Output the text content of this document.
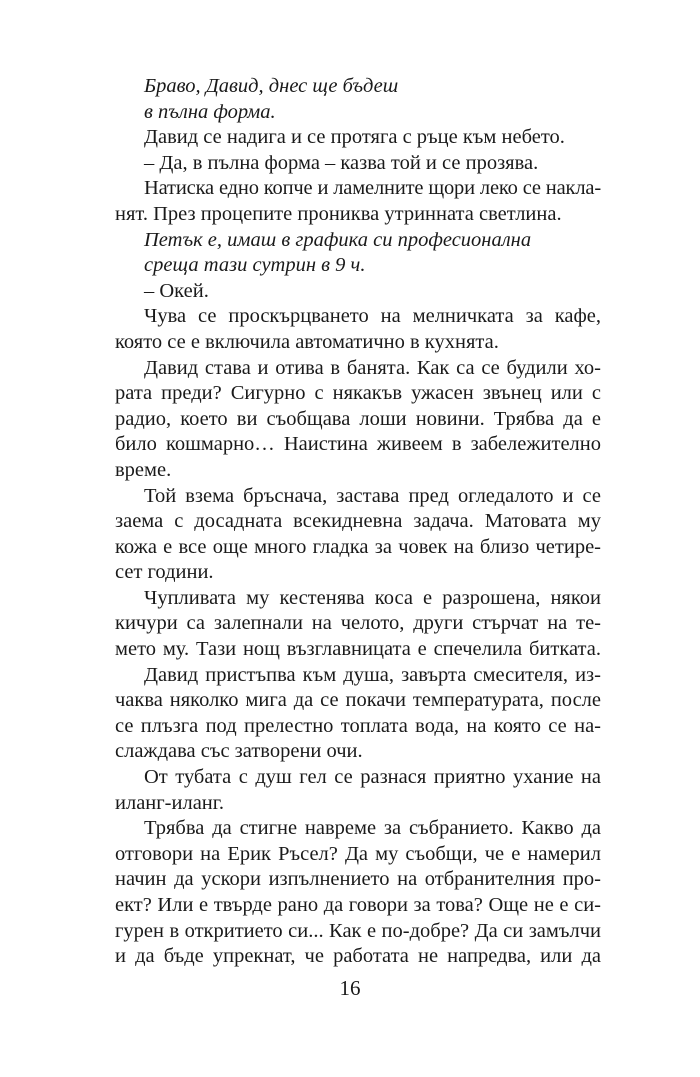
Браво, Давид, днес ще бъдеш
в пълна форма.
Давид се надига и се протяга с ръце към небето.
– Да, в пълна форма – казва той и се прозява.
Натиска едно копче и ламелните щори леко се накла-
нят. През процепите прониква утринната светлина.
Петък е, имаш в графика си професионална
среща тази сутрин в 9 ч.
– Окей.
Чува се проскърцването на мелничката за кафе,
която се е включила автоматично в кухнята.
Давид става и отива в банята. Как са се будили хо-
рата преди? Сигурно с някакъв ужасен звънец или с
радио, което ви съобщава лоши новини. Трябва да е
било кошмарно… Наистина живеем в забележително
време.
Той взема бръснача, застава пред огледалото и се
заема с досадната всекидневна задача. Матовата му
кожа е все още много гладка за човек на близо четире-
сет години.
Чупливата му кестенява коса е разрошена, някои
кичури са залепнали на челото, други стърчат на те-
мето му. Тази нощ възглавницата е спечелила битката.
Давид пристъпва към душа, завърта смесителя, из-
чаква няколко мига да се покачи температурата, после
се плъзга под прелестно топлата вода, на която се на-
слаждава със затворени очи.
От тубата с душ гел се разнася приятно ухание на
иланг-иланг.
Трябва да стигне навреме за събранието. Какво да
отговори на Ерик Ръсел? Да му съобщи, че е намерил
начин да ускори изпълнението на отбранителния про-
ект? Или е твърде рано да говори за това? Още не е си-
гурен в откритието си... Как е по-добре? Да си замълчи
и да бъде упрекнат, че работата не напредва, или да
16
